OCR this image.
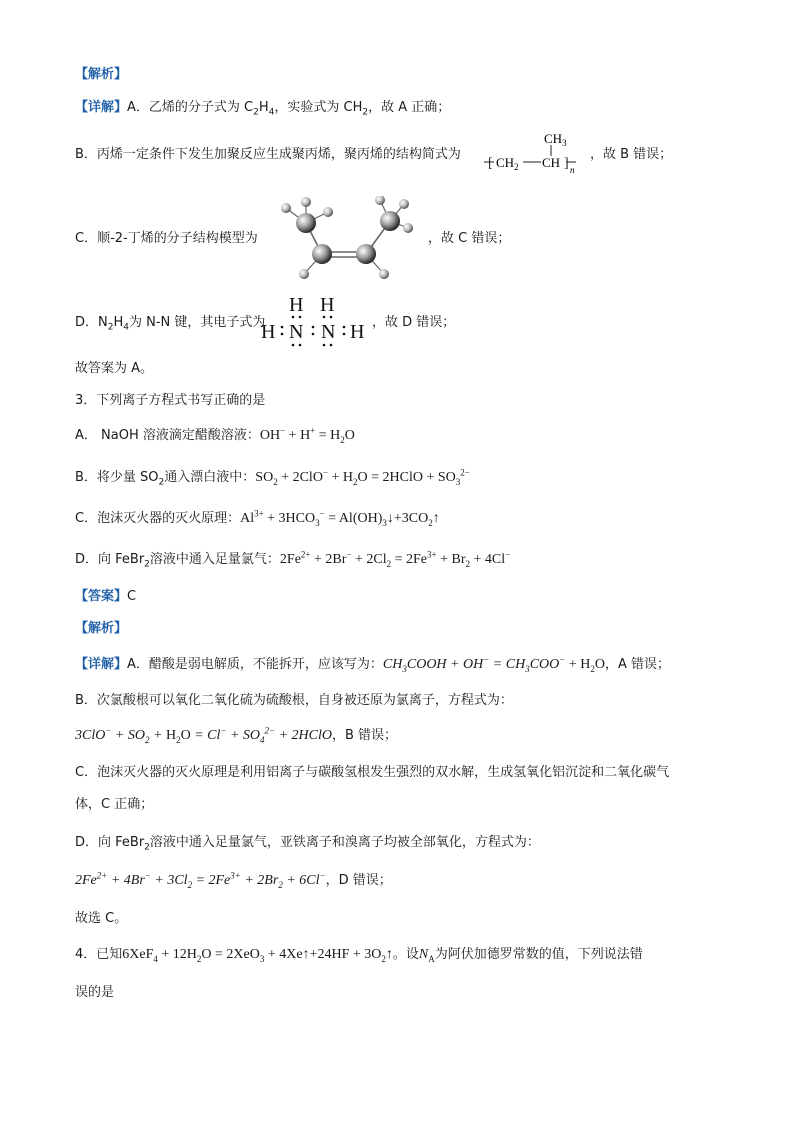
【解析】
【详解】A．乙烯的分子式为 $C_2H_4$，实验式为 $CH_2$，故 A 正确；
B．丙烯一定条件下发生加聚反应生成聚丙烯，聚丙烯的结构简式为
$CH_3$
[ $CH_2$ CH ] n
，故 B 错误；
C．顺-2-丁烯的分子结构模型为	，故 C 错误；
D．$N_2H_4$为 N-N 键，其电子式为
H H
H N N H ，故 D 错误；
故答案为 A。
3．下列离子方程式书写正确的是
A． NaOH 溶液滴定醋酸溶液：$OH^- + H^+ = H_2O$
B．将少量 $SO_2$通入漂白液中：$SO_2 + 2ClO^- + H_2O$ = 2HClO + $SO_3^{2-}$
C．泡沫灭火器的灭火原理：$Al^{3+} + 3HCO_3^-$ = $Al(OH)_3↓+3CO_2↑$
D．向 FeBr$_2$溶液中通入足量氯气：$2Fe^{2+} + 2Br^- + 2Cl_2 = 2Fe^{3+} + Br_2 + 4Cl^-$
【答案】C
【解析】
【详解】A．醋酸是弱电解质，不能拆开，应该写为：$CH_3COOH + OH^- = CH_3COO^- + H_2O$，A 错误；
B．次氯酸根可以氧化二氧化硫为硫酸根，自身被还原为氯离子，方程式为：
$3ClO^- + SO_2 + H_2O = Cl^- + SO_4^{2-}$ + 2HClO，B 错误；
C．泡沫灭火器的灭火原理是利用铝离子与碳酸氢根发生强烈的双水解，生成氢氧化铝沉淀和二氧化碳气
体，C 正确；
D．向 FeBr$_2$溶液中通入足量氯气，亚铁离子和溴离子均被全部氧化，方程式为：
$2Fe^{2+} + 4Br^- + 3Cl_2 = 2Fe^{3+} + 2Br_2 + 6Cl^-$，D 错误；
故选 C。
4．已知$6XeF_4 + 12H_2O = 2XeO_3$ + 4Xe↑+24HF + $3O_2↑$。设$N_A$为阿伏加德罗常数的值，下列说法错
误的是
